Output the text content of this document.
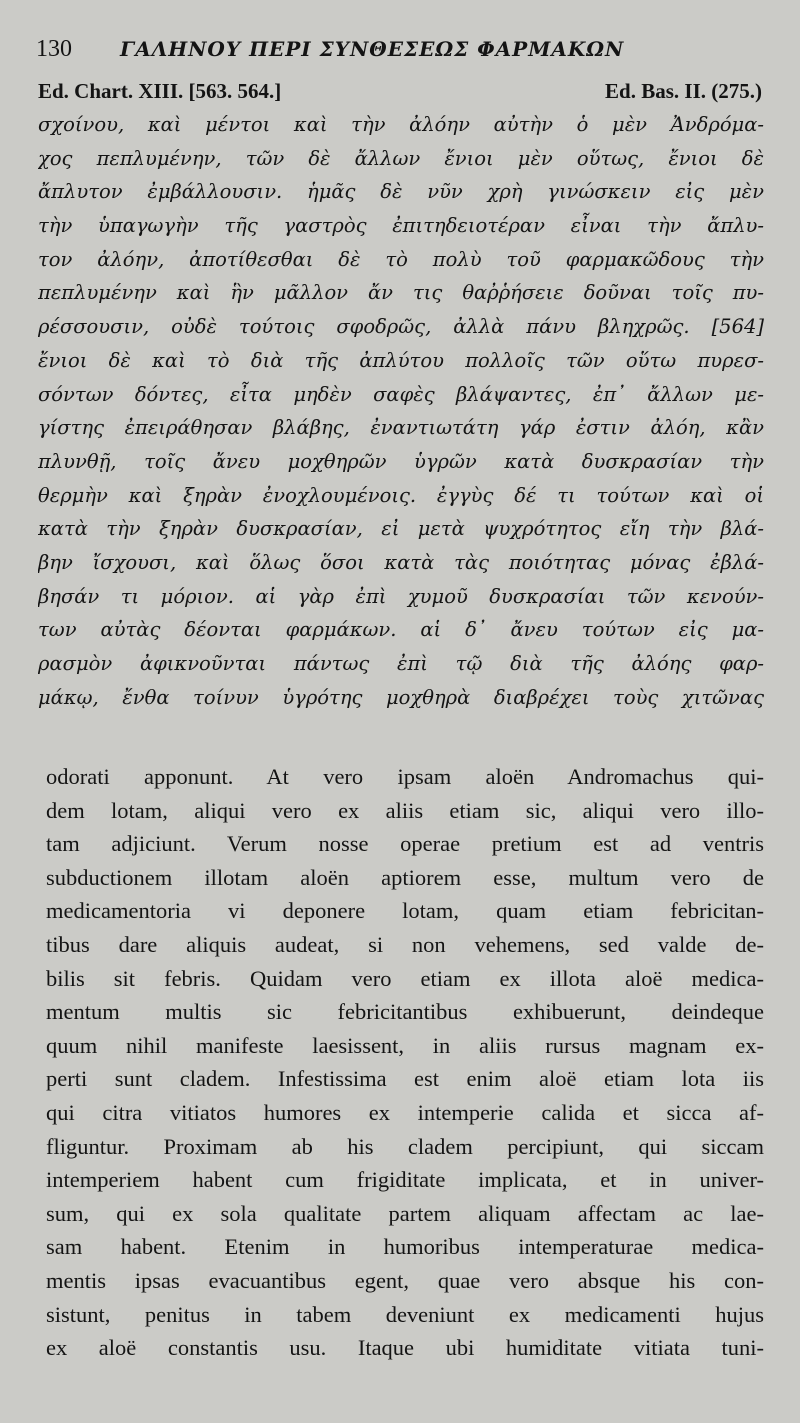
130 ΓΑΛΗΝΟΥ ΠΕΡΙ ΣΥΝΘΕΣΕΩΣ ΦΑΡΜΑΚΩΝ
Ed. Chart. XIII. [563. 564.]	Ed. Bas. II. (275.)
σχοίνου, καὶ μέντοι καὶ τὴν ἀλόην αὐτὴν ὁ μὲν Ἀνδρόμα-
χος πεπλυμένην, τῶν δὲ ἄλλων ἔνιοι μὲν οὕτως, ἔνιοι δὲ
ἄπλυτον ἐμβάλλουσιν. ἡμᾶς δὲ νῦν χρὴ γινώσκειν εἰς μὲν
τὴν ὑπαγωγὴν τῆς γαστρὸς ἐπιτηδειοτέραν εἶναι τὴν ἄπλυ-
τον ἀλόην, ἀποτίθεσθαι δὲ τὸ πολὺ τοῦ φαρμακῶδους τὴν
πεπλυμένην καὶ ἣν μᾶλλον ἄν τις θαῤῥήσειε δοῦναι τοῖς πυ-
ρέσσουσιν, οὐδὲ τούτοις σφοδρῶς, ἀλλὰ πάνυ βληχρῶς. [564]
ἔνιοι δὲ καὶ τὸ διὰ τῆς ἀπλύτου πολλοῖς τῶν οὕτω πυρεσ-
σόντων δόντες, εἶτα μηδὲν σαφὲς βλάψαντες, ἐπ᾽ ἄλλων με-
γίστης ἐπειράθησαν βλάβης, ἐναντιωτάτη γάρ ἐστιν ἀλόη, κἂν
πλυνθῇ, τοῖς ἄνευ μοχθηρῶν ὑγρῶν κατὰ δυσκρασίαν τὴν
θερμὴν καὶ ξηρὰν ἐνοχλουμένοις. ἐγγὺς δέ τι τούτων καὶ οἱ
κατὰ τὴν ξηρὰν δυσκρασίαν, εἰ μετὰ ψυχρότητος εἴη τὴν βλά-
βην ἴσχουσι, καὶ ὅλως ὅσοι κατὰ τὰς ποιότητας μόνας ἐβλά-
βησάν τι μόριον. αἱ γὰρ ἐπὶ χυμοῦ δυσκρασίαι τῶν κενούν-
των αὐτὰς δέονται φαρμάκων. αἱ δ᾽ ἄνευ τούτων εἰς μα-
ρασμὸν ἀφικνοῦνται πάντως ἐπὶ τῷ διὰ τῆς ἀλόης φαρ-
μάκῳ, ἔνθα τοίνυν ὑγρότης μοχθηρὰ διαβρέχει τοὺς χιτῶνας
odorati apponunt. At vero ipsam aloën Andromachus qui-
dem lotam, aliqui vero ex aliis etiam sic, aliqui vero illo-
tam adjiciunt. Verum nosse operae pretium est ad ventris
subductionem illotam aloën aptiorem esse, multum vero de
medicamentoria vi deponere lotam, quam etiam febricitan-
tibus dare aliquis audeat, si non vehemens, sed valde de-
bilis sit febris. Quidam vero etiam ex illota aloë medica-
mentum multis sic febricitantibus exhibuerunt, deindeque
quum nihil manifeste laesissent, in aliis rursus magnam ex-
perti sunt cladem. Infestissima est enim aloë etiam lota iis
qui citra vitiatos humores ex intemperie calida et sicca af-
fliguntur. Proximam ab his cladem percipiunt, qui siccam
intemperiem habent cum frigiditate implicata, et in univer-
sum, qui ex sola qualitate partem aliquam affectam ac lae-
sam habent. Etenim in humoribus intemperaturae medica-
mentis ipsas evacuantibus egent, quae vero absque his con-
sistunt, penitus in tabem deveniunt ex medicamenti hujus
ex aloë constantis usu. Itaque ubi humiditate vitiata tuni-
